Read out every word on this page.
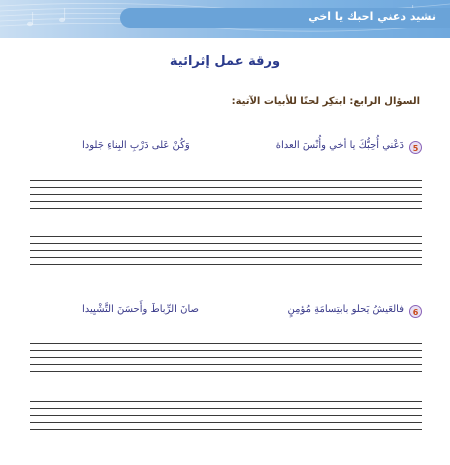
نشيد دعني احبك يا اخي
ورقة عمل إثرائية
السؤال الرابع: ابتكِر لحنًا للأبيات الآتية:
5
دَعْني أُحِبُّكَ يا أخي وأُنْسَ العداة
وَكُنْ عَلى دَرْبِ البِناءِ جَلودا
6
فالعَيشُ يَحلو بابتِسامَةِ مُؤمِنٍ
صانَ الرِّباطَ وأَحسَنَ التَّشْيِيدا
